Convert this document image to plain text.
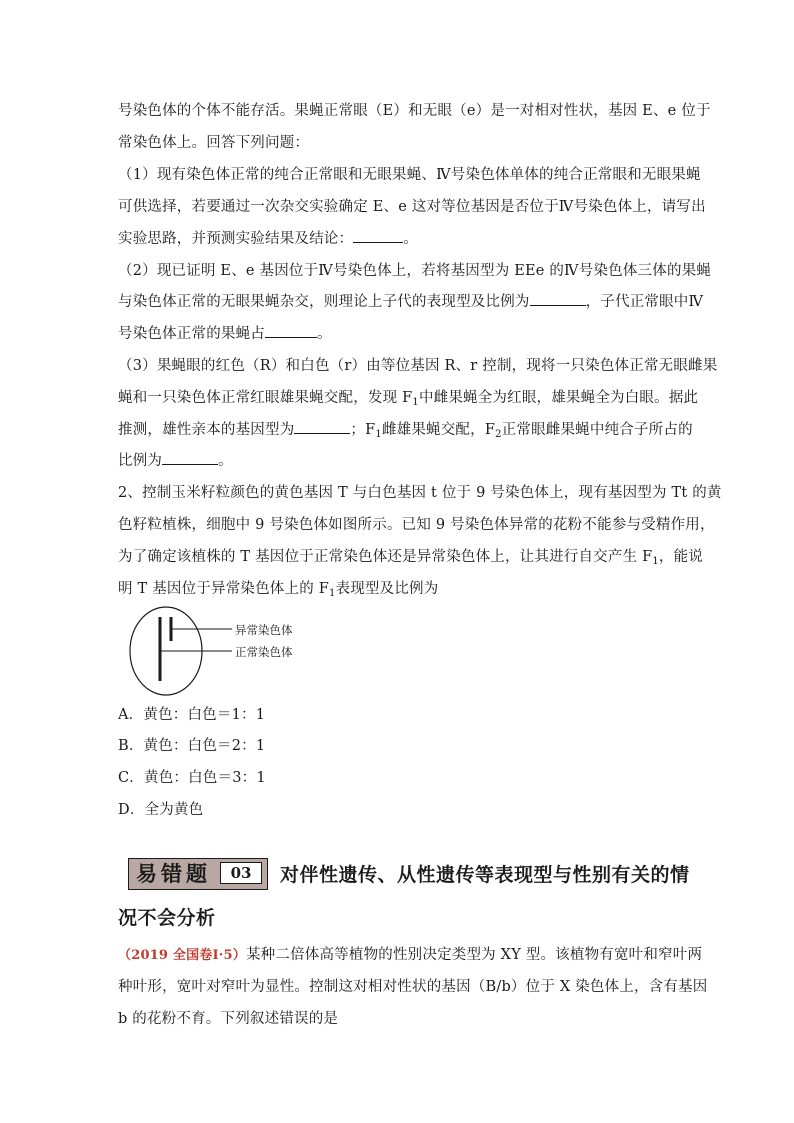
号染色体的个体不能存活。果蝇正常眼（E）和无眼（e）是一对相对性状，基因 E、e 位于
常染色体上。回答下列问题：
（1）现有染色体正常的纯合正常眼和无眼果蝇、Ⅳ号染色体单体的纯合正常眼和无眼果蝇
可供选择，若要通过一次杂交实验确定 E、e 这对等位基因是否位于Ⅳ号染色体上，请写出
实验思路，并预测实验结果及结论：	。
（2）现已证明 E、e 基因位于Ⅳ号染色体上，若将基因型为 EEe 的Ⅳ号染色体三体的果蝇
与染色体正常的无眼果蝇杂交，则理论上子代的表现型及比例为	，子代正常眼中Ⅳ
号染色体正常的果蝇占	。
（3）果蝇眼的红色（R）和白色（r）由等位基因 R、r 控制，现将一只染色体正常无眼雌果
蝇和一只染色体正常红眼雄果蝇交配，发现 $F_1$中雌果蝇全为红眼，雄果蝇全为白眼。据此
推测，雄性亲本的基因型为	；$F_1$雌雄果蝇交配，$F_2$正常眼雌果蝇中纯合子所占的
比例为	。
2、控制玉米籽粒颜色的黄色基因 T 与白色基因 t 位于 9 号染色体上，现有基因型为 Tt 的黄
色籽粒植株，细胞中 9 号染色体如图所示。已知 9 号染色体异常的花粉不能参与受精作用，
为了确定该植株的 T 基因位于正常染色体还是异常染色体上，让其进行自交产生 $F_1$，能说
明 T 基因位于异常染色体上的 $F_1$表现型及比例为
异常染色体
正常染色体
A．黄色：白色＝1：1
B．黄色：白色＝2：1
C．黄色：白色＝3：1
D．全为黄色
易错题	03	对伴性遗传、从性遗传等表现型与性别有关的情
况不会分析
（2019 全国卷Ⅰ·5）某种二倍体高等植物的性别决定类型为 XY 型。该植物有宽叶和窄叶两
种叶形，宽叶对窄叶为显性。控制这对相对性状的基因（B/b）位于 X 染色体上，含有基因
b 的花粉不育。下列叙述错误的是
